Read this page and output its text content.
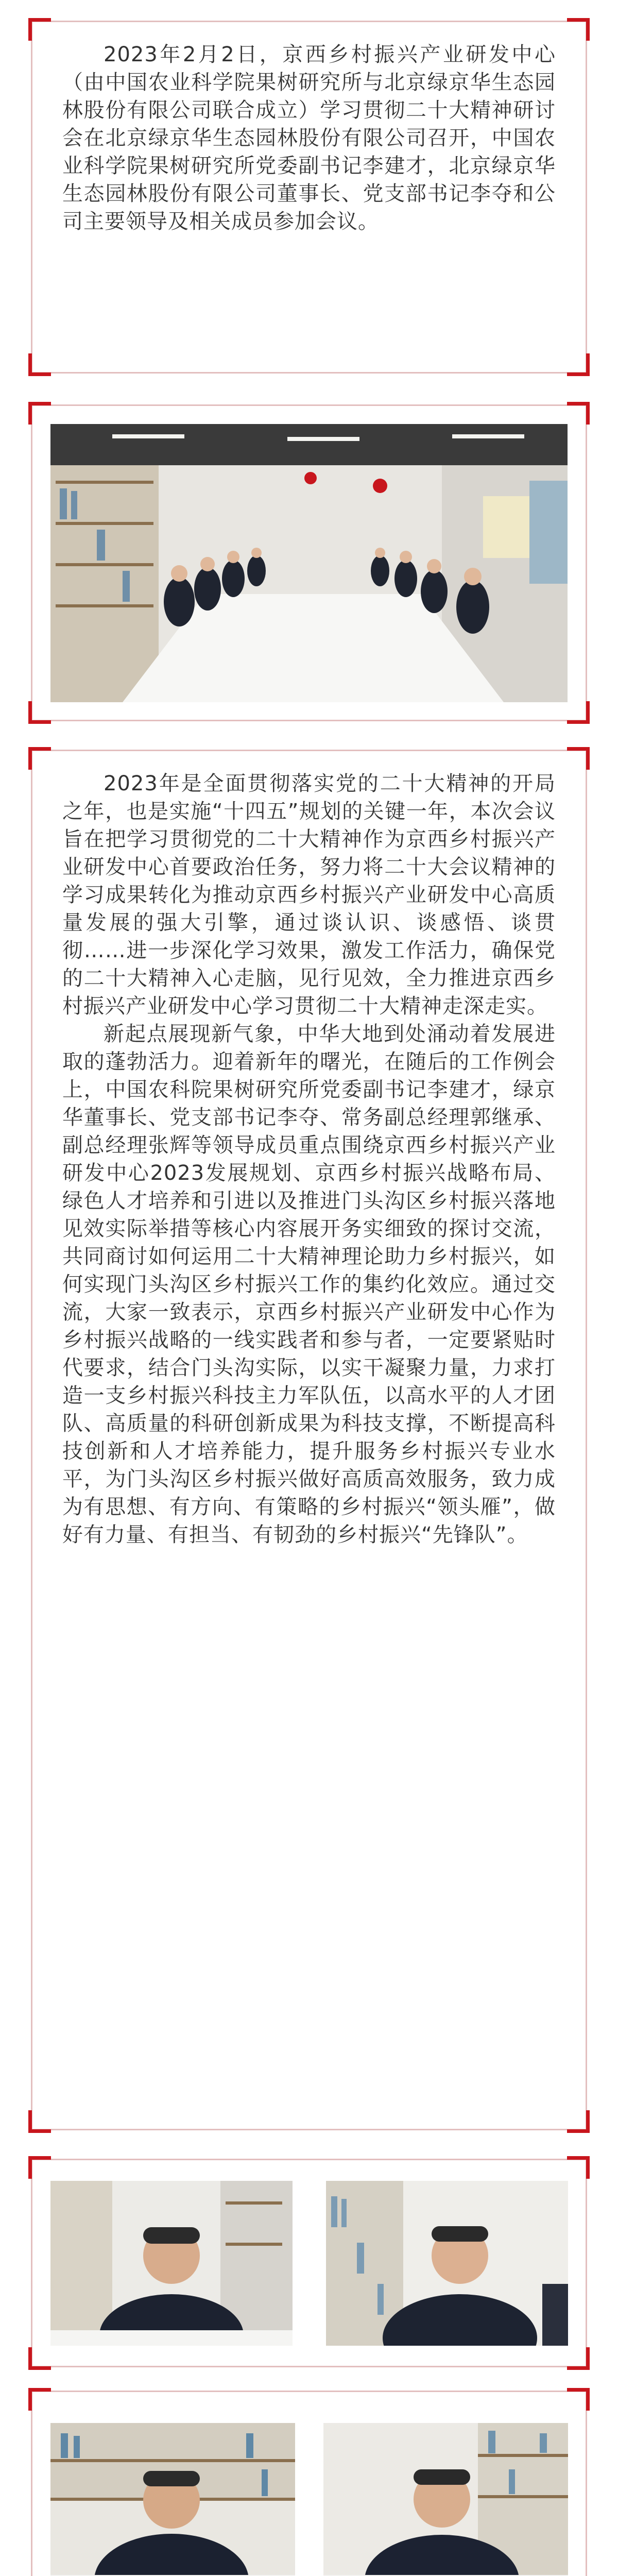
2023年2月2日，京西乡村振兴产业研发中心（由中国农业科学院果树研究所与北京绿京华生态园林股份有限公司联合成立）学习贯彻二十大精神研讨会在北京绿京华生态园林股份有限公司召开，中国农业科学院果树研究所党委副书记李建才，北京绿京华生态园林股份有限公司董事长、党支部书记李夺和公司主要领导及相关成员参加会议。

2023年是全面贯彻落实党的二十大精神的开局之年，也是实施“十四五”规划的关键一年，本次会议旨在把学习贯彻党的二十大精神作为京西乡村振兴产业研发中心首要政治任务，努力将二十大会议精神的学习成果转化为推动京西乡村振兴产业研发中心高质量发展的强大引擎，通过谈认识、谈感悟、谈贯彻……进一步深化学习效果，激发工作活力，确保党的二十大精神入心走脑，见行见效，全力推进京西乡村振兴产业研发中心学习贯彻二十大精神走深走实。

新起点展现新气象，中华大地到处涌动着发展进取的蓬勃活力。迎着新年的曙光，在随后的工作例会上，中国农科院果树研究所党委副书记李建才，绿京华董事长、党支部书记李夺、常务副总经理郭继承、副总经理张辉等领导成员重点围绕京西乡村振兴产业研发中心2023发展规划、京西乡村振兴战略布局、绿色人才培养和引进以及推进门头沟区乡村振兴落地见效实际举措等核心内容展开务实细致的探讨交流，共同商讨如何运用二十大精神理论助力乡村振兴，如何实现门头沟区乡村振兴工作的集约化效应。通过交流，大家一致表示，京西乡村振兴产业研发中心作为乡村振兴战略的一线实践者和参与者，一定要紧贴时代要求，结合门头沟实际，以实干凝聚力量，力求打造一支乡村振兴科技主力军队伍，以高水平的人才团队、高质量的科研创新成果为科技支撑，不断提高科技创新和人才培养能力，提升服务乡村振兴专业水平，为门头沟区乡村振兴做好高质高效服务，致力成为有思想、有方向、有策略的乡村振兴“领头雁”，做好有力量、有担当、有韧劲的乡村振兴“先锋队”。
